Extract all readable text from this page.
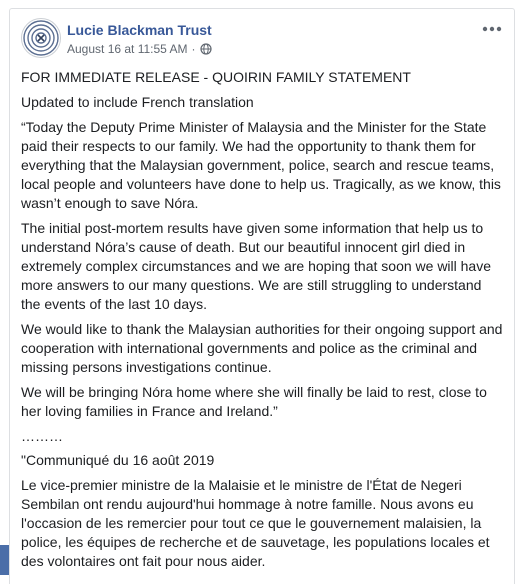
Lucie Blackman Trust
August 16 at 11:55 AM ·

FOR IMMEDIATE RELEASE - QUOIRIN FAMILY STATEMENT

Updated to include French translation

“Today the Deputy Prime Minister of Malaysia and the Minister for the State paid their respects to our family. We had the opportunity to thank them for everything that the Malaysian government, police, search and rescue teams, local people and volunteers have done to help us. Tragically, as we know, this wasn’t enough to save Nóra.

The initial post-mortem results have given some information that help us to understand Nóra’s cause of death. But our beautiful innocent girl died in extremely complex circumstances and we are hoping that soon we will have more answers to our many questions. We are still struggling to understand the events of the last 10 days.

We would like to thank the Malaysian authorities for their ongoing support and cooperation with international governments and police as the criminal and missing persons investigations continue.

We will be bringing Nóra home where she will finally be laid to rest, close to her loving families in France and Ireland.”

………

"Communiqué du 16 août 2019

Le vice-premier ministre de la Malaisie et le ministre de l'État de Negeri Sembilan ont rendu aujourd'hui hommage à notre famille. Nous avons eu l'occasion de les remercier pour tout ce que le gouvernement malaisien, la police, les équipes de recherche et de sauvetage, les populations locales et des volontaires ont fait pour nous aider.
